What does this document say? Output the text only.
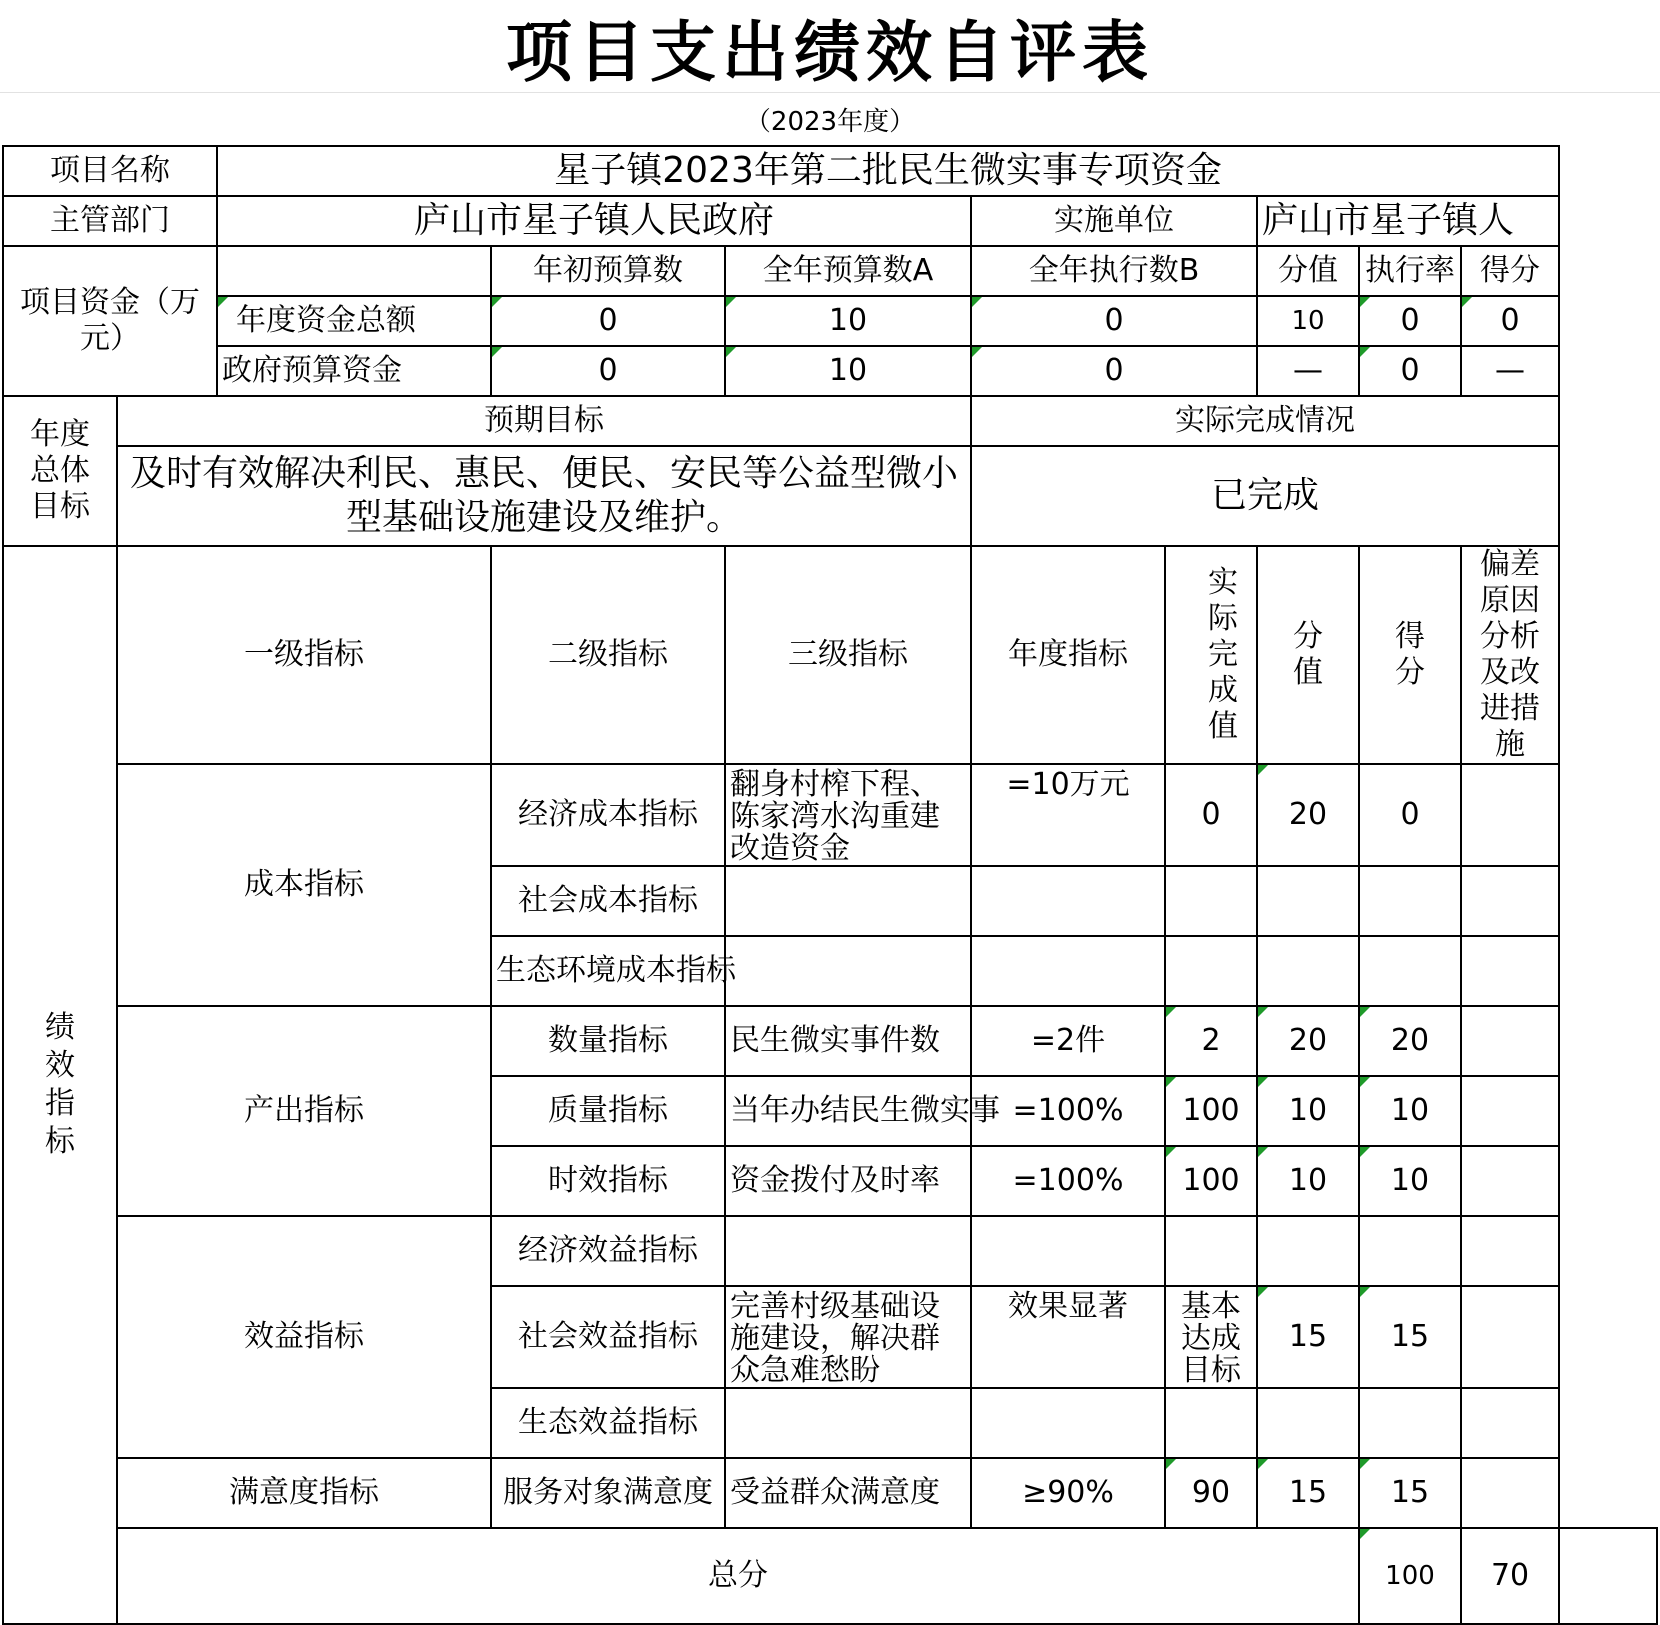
项目支出绩效自评表
（2023年度）
项目名称		星子镇2023年第二批民生微实事专项资金								
主管部门		庐山市星子镇人民政府			实施单位		庐山市星子镇人			
项目资金（万元）			年初预算数	全年预算数A	全年执行数B		分值	执行率	得分	
		年度资金总额	0	10	0		10	0	0	
		政府预算资金	0	10	0		—	0	—	
年度总体目标	预期目标				实际完成情况					
	及时有效解决利民、惠民、便民、安民等公益型微小型基础设施建设及维护。				已完成					
绩效指标	一级指标		二级指标	三级指标	年度指标	实际完成值	分值	得分	偏差原因分析及改进措施	
	成本指标		经济成本指标	翻身村榨下程、陈家湾水沟重建改造资金	=10万元	0	20	0		
			社会成本指标							
			生态环境成本指标							
	产出指标		数量指标	民生微实事件数	=2件	2	20	20		
			质量指标	当年办结民生微实事	=100%	100	10	10		
			时效指标	资金拨付及时率	=100%	100	10	10		
	效益指标		经济效益指标							
			社会效益指标	完善村级基础设施建设，解决群众急难愁盼	效果显著	基本达成目标	15	15		
			生态效益指标							
	满意度指标		服务对象满意度	受益群众满意度	≥90%	90	15	15		
	总分							100	70	
